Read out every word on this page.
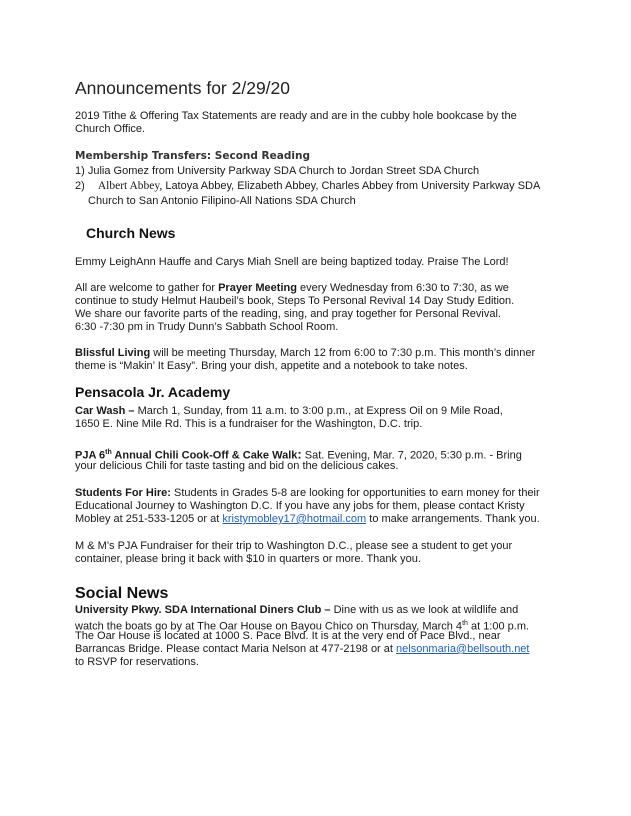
Announcements for 2/29/20
2019 Tithe & Offering Tax Statements are ready and are in the cubby hole bookcase by the
Church Office.
Membership Transfers: Second Reading
1) Julia Gomez from University Parkway SDA Church to Jordan Street SDA Church
2) Albert Abbey, Latoya Abbey, Elizabeth Abbey, Charles Abbey from University Parkway SDA
Church to San Antonio Filipino-All Nations SDA Church
Church News
Emmy LeighAnn Hauffe and Carys Miah Snell are being baptized today. Praise The Lord!
All are welcome to gather for Prayer Meeting every Wednesday from 6:30 to 7:30, as we
continue to study Helmut Haubeil’s book, Steps To Personal Revival 14 Day Study Edition.
We share our favorite parts of the reading, sing, and pray together for Personal Revival.
6:30 -7:30 pm in Trudy Dunn’s Sabbath School Room.
Blissful Living will be meeting Thursday, March 12 from 6:00 to 7:30 p.m. This month’s dinner
theme is “Makin’ It Easy”. Bring your dish, appetite and a notebook to take notes.
Pensacola Jr. Academy
Car Wash – March 1, Sunday, from 11 a.m. to 3:00 p.m., at Express Oil on 9 Mile Road,
1650 E. Nine Mile Rd. This is a fundraiser for the Washington, D.C. trip.
PJA 6th Annual Chili Cook-Off & Cake Walk: Sat. Evening, Mar. 7, 2020, 5:30 p.m. - Bring
your delicious Chili for taste tasting and bid on the delicious cakes.
Students For Hire: Students in Grades 5-8 are looking for opportunities to earn money for their
Educational Journey to Washington D.C. If you have any jobs for them, please contact Kristy
Mobley at 251-533-1205 or at kristymobley17@hotmail.com to make arrangements. Thank you.
M & M’s PJA Fundraiser for their trip to Washington D.C., please see a student to get your
container, please bring it back with $10 in quarters or more. Thank you.
Social News
University Pkwy. SDA International Diners Club – Dine with us as we look at wildlife and
watch the boats go by at The Oar House on Bayou Chico on Thursday, March 4th at 1:00 p.m.
The Oar House is located at 1000 S. Pace Blvd. It is at the very end of Pace Blvd., near
Barrancas Bridge. Please contact Maria Nelson at 477-2198 or at nelsonmaria@bellsouth.net
to RSVP for reservations.
